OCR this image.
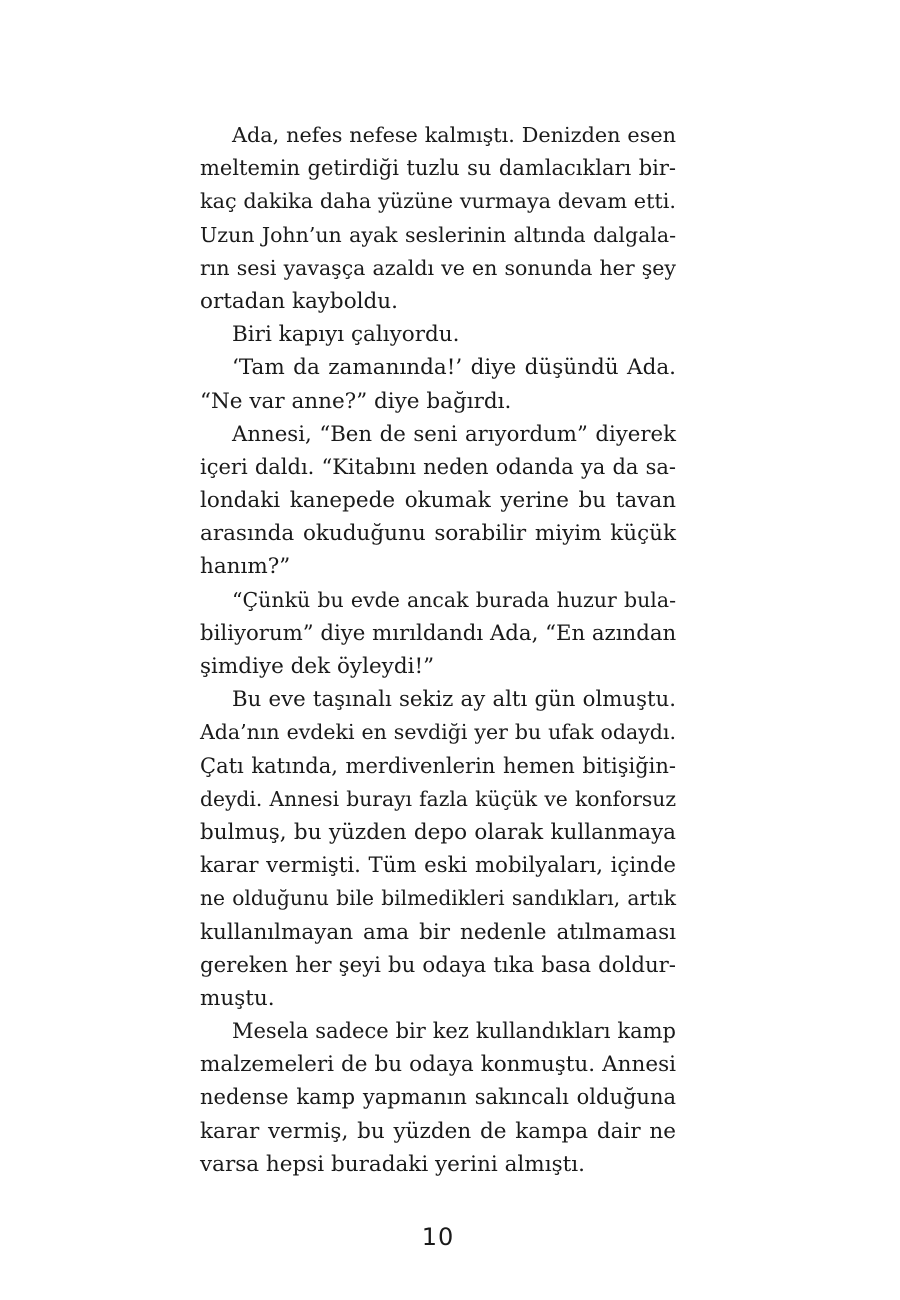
Ada, nefes nefese kalmıştı. Denizden esen
meltemin getirdiği tuzlu su damlacıkları bir-
kaç dakika daha yüzüne vurmaya devam etti.
Uzun John’un ayak seslerinin altında dalgala-
rın sesi yavaşça azaldı ve en sonunda her şey
ortadan kayboldu.
Biri kapıyı çalıyordu.
‘Tam da zamanında!’ diye düşündü Ada.
“Ne var anne?” diye bağırdı.
Annesi, “Ben de seni arıyordum” diyerek
içeri daldı. “Kitabını neden odanda ya da sa-
londaki kanepede okumak yerine bu tavan
arasında okuduğunu sorabilir miyim küçük
hanım?”
“Çünkü bu evde ancak burada huzur bula-
biliyorum” diye mırıldandı Ada, “En azından
şimdiye dek öyleydi!”
Bu eve taşınalı sekiz ay altı gün olmuştu.
Ada’nın evdeki en sevdiği yer bu ufak odaydı.
Çatı katında, merdivenlerin hemen bitişiğin-
deydi. Annesi burayı fazla küçük ve konforsuz
bulmuş, bu yüzden depo olarak kullanmaya
karar vermişti. Tüm eski mobilyaları, içinde
ne olduğunu bile bilmedikleri sandıkları, artık
kullanılmayan ama bir nedenle atılmaması
gereken her şeyi bu odaya tıka basa doldur-
muştu.
Mesela sadece bir kez kullandıkları kamp
malzemeleri de bu odaya konmuştu. Annesi
nedense kamp yapmanın sakıncalı olduğuna
karar vermiş, bu yüzden de kampa dair ne
varsa hepsi buradaki yerini almıştı.
10
